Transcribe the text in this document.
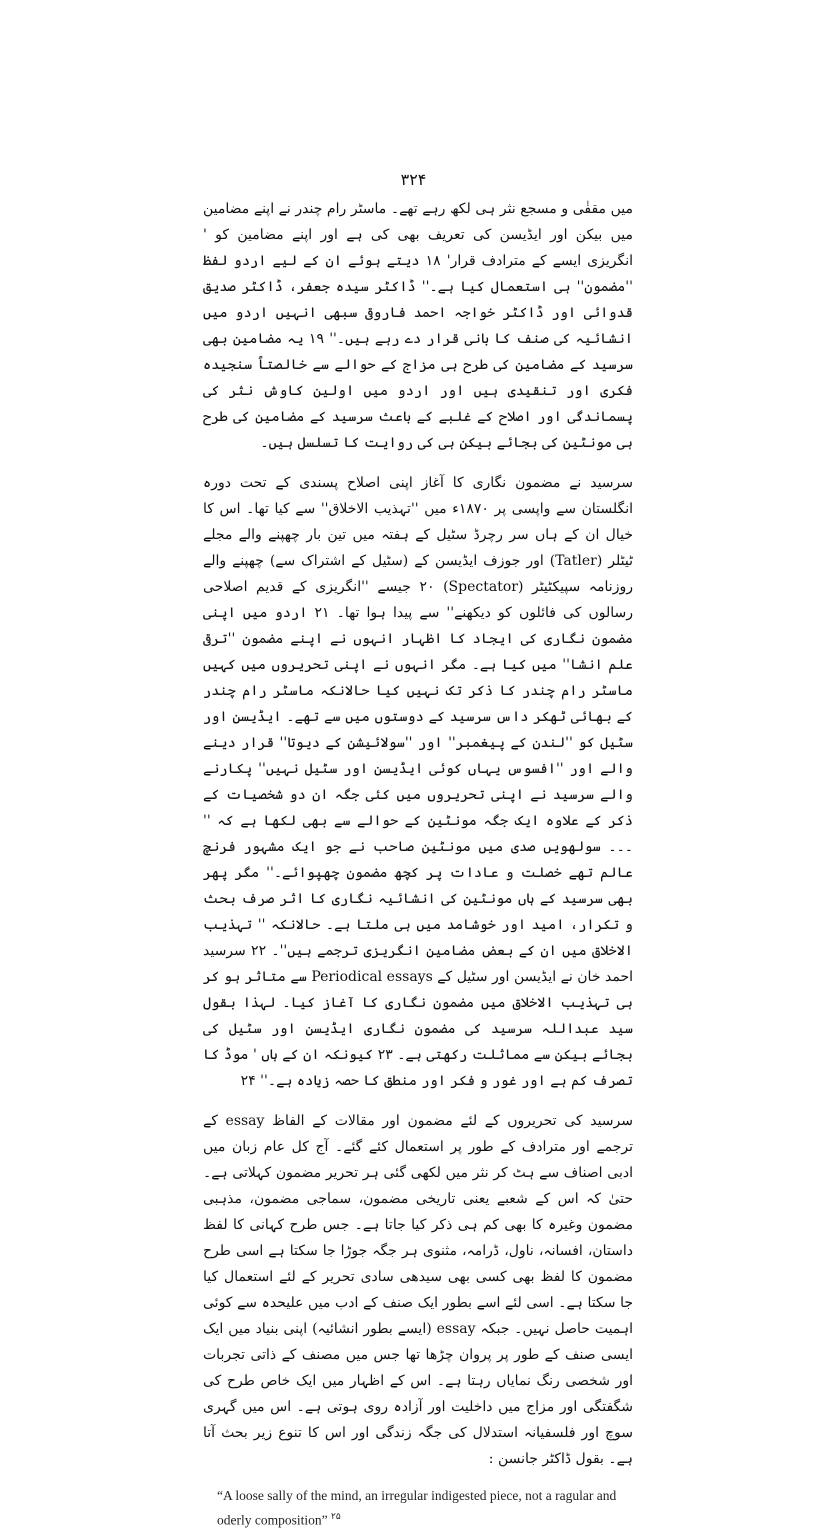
۳۲۴

میں مقفٰی و مسجع نثر ہی لکھ رہے تھے۔ ماسٹر رام چندر نے اپنے مضامین میں بیکن اور ایڈیسن کی تعریف بھی کی ہے اور اپنے مضامین کو ' انگریزی ایسے کے مترادف قرار' ۱۸ دیتے ہوئے ان کے لیے اردو لفظ ''مضمون'' ہی استعمال کیا ہے۔'' ڈاکٹر سیدہ جعفر، ڈاکٹر صدیق قدوائی اور ڈاکٹر خواجہ احمد فاروقی سبھی انہیں اردو میں انشائیہ کی صنف کا بانی قرار دے رہے ہیں۔'' ۱۹ یہ مضامین بھی سرسید کے مضامین کی طرح ہی مزاج کے حوالے سے خالصتاً سنجیدہ فکری اور تنقیدی ہیں اور اردو میں اولین کاوش نثر کی پسماندگی اور اصلاح کے غلبے کے باعث سرسید کے مضامین کی طرح ہی مونٹین کی بجائے بیکن ہی کی روایت کا تسلسل ہیں۔

سرسید نے مضمون نگاری کا آغاز اپنی اصلاح پسندی کے تحت دورہ انگلستان سے واپسی پر ۱۸۷۰ء میں ''تہذیب الاخلاق'' سے کیا تھا۔ اس کا خیال ان کے ہاں سر رچرڈ سٹیل کے ہفتہ میں تین بار چھپنے والے مجلے ٹیٹلر (Tatler) اور جوزف ایڈیسن کے (سٹیل کے اشتراک سے) چھپنے والے روزنامہ سپیکٹیٹر (Spectator) ۲۰ جیسے ''انگریزی کے قدیم اصلاحی رسالوں کی فائلوں کو دیکھنے'' سے پیدا ہوا تھا۔ ۲۱ اردو میں اپنی مضمون نگاری کی ایجاد کا اظہار انہوں نے اپنے مضمون ''ترقی علم انشا'' میں کیا ہے۔ مگر انہوں نے اپنی تحریروں میں کہیں ماسٹر رام چندر کا ذکر تک نہیں کیا حالانکہ ماسٹر رام چندر کے بھائی ٹھکر داس سرسید کے دوستوں میں سے تھے۔ ایڈیسن اور سٹیل کو ''لندن کے پیغمبر'' اور ''سولائیشن کے دیوتا'' قرار دینے والے اور ''افسوس یہاں کوئی ایڈیسن اور سٹیل نہیں'' پکارنے والے سرسید نے اپنی تحریروں میں کئی جگہ ان دو شخصیات کے ذکر کے علاوہ ایک جگہ مونٹین کے حوالے سے بھی لکھا ہے کہ '' ۔۔۔ سولھویں صدی میں مونٹین صاحب نے جو ایک مشہور فرنچ عالم تھے خصلت و عادات پر کچھ مضمون چھپوائے۔'' مگر پھر بھی سرسید کے ہاں مونٹین کی انشائیہ نگاری کا اثر صرف بحث و تکرار، امید اور خوشامد میں ہی ملتا ہے۔ حالانکہ '' تہذیب الاخلاق میں ان کے بعض مضامین انگریزی ترجمے ہیں''۔ ۲۲ سرسید احمد خان نے ایڈیسن اور سٹیل کے Periodical essays سے متاثر ہو کر ہی تہذیب الاخلاق میں مضمون نگاری کا آغاز کیا۔ لہذا بقول سید عبداللہ سرسید کی مضمون نگاری ایڈیسن اور سٹیل کی بجائے بیکن سے مماثلت رکھتی ہے۔ ۲۳ کیونکہ ان کے ہاں ' موڈ کا تصرف کم ہے اور غور و فکر اور منطق کا حصہ زیادہ ہے۔'' ۲۴

سرسید کی تحریروں کے لئے مضمون اور مقالات کے الفاظ essay کے ترجمے اور مترادف کے طور پر استعمال کئے گئے۔ آج کل عام زبان میں ادبی اصناف سے ہٹ کر نثر میں لکھی گئی ہر تحریر مضمون کہلاتی ہے۔ حتیٰ کہ اس کے شعبے یعنی تاریخی مضمون، سماجی مضمون، مذہبی مضمون وغیرہ کا بھی کم ہی ذکر کیا جاتا ہے۔ جس طرح کہانی کا لفظ داستان، افسانہ، ناول، ڈرامہ، مثنوی ہر جگہ جوڑا جا سکتا ہے اسی طرح مضمون کا لفظ بھی کسی بھی سیدھی سادی تحریر کے لئے استعمال کیا جا سکتا ہے۔ اسی لئے اسے بطور ایک صنف کے ادب میں علیحدہ سے کوئی اہمیت حاصل نہیں۔ جبکہ essay (ایسے بطور انشائیہ) اپنی بنیاد میں ایک ایسی صنف کے طور پر پروان چڑھا تھا جس میں مصنف کے ذاتی تجربات اور شخصی رنگ نمایاں رہتا ہے۔ اس کے اظہار میں ایک خاص طرح کی شگفتگی اور مزاج میں داخلیت اور آزادہ روی ہوتی ہے۔ اس میں گہری سوچ اور فلسفیانہ استدلال کی جگہ زندگی اور اس کا تنوع زیر بحث آتا ہے۔ بقول ڈاکٹر جانسن :

“A loose sally of the mind, an irregular indigested piece, not a ragular and oderly composition” $^{۲۵}$
